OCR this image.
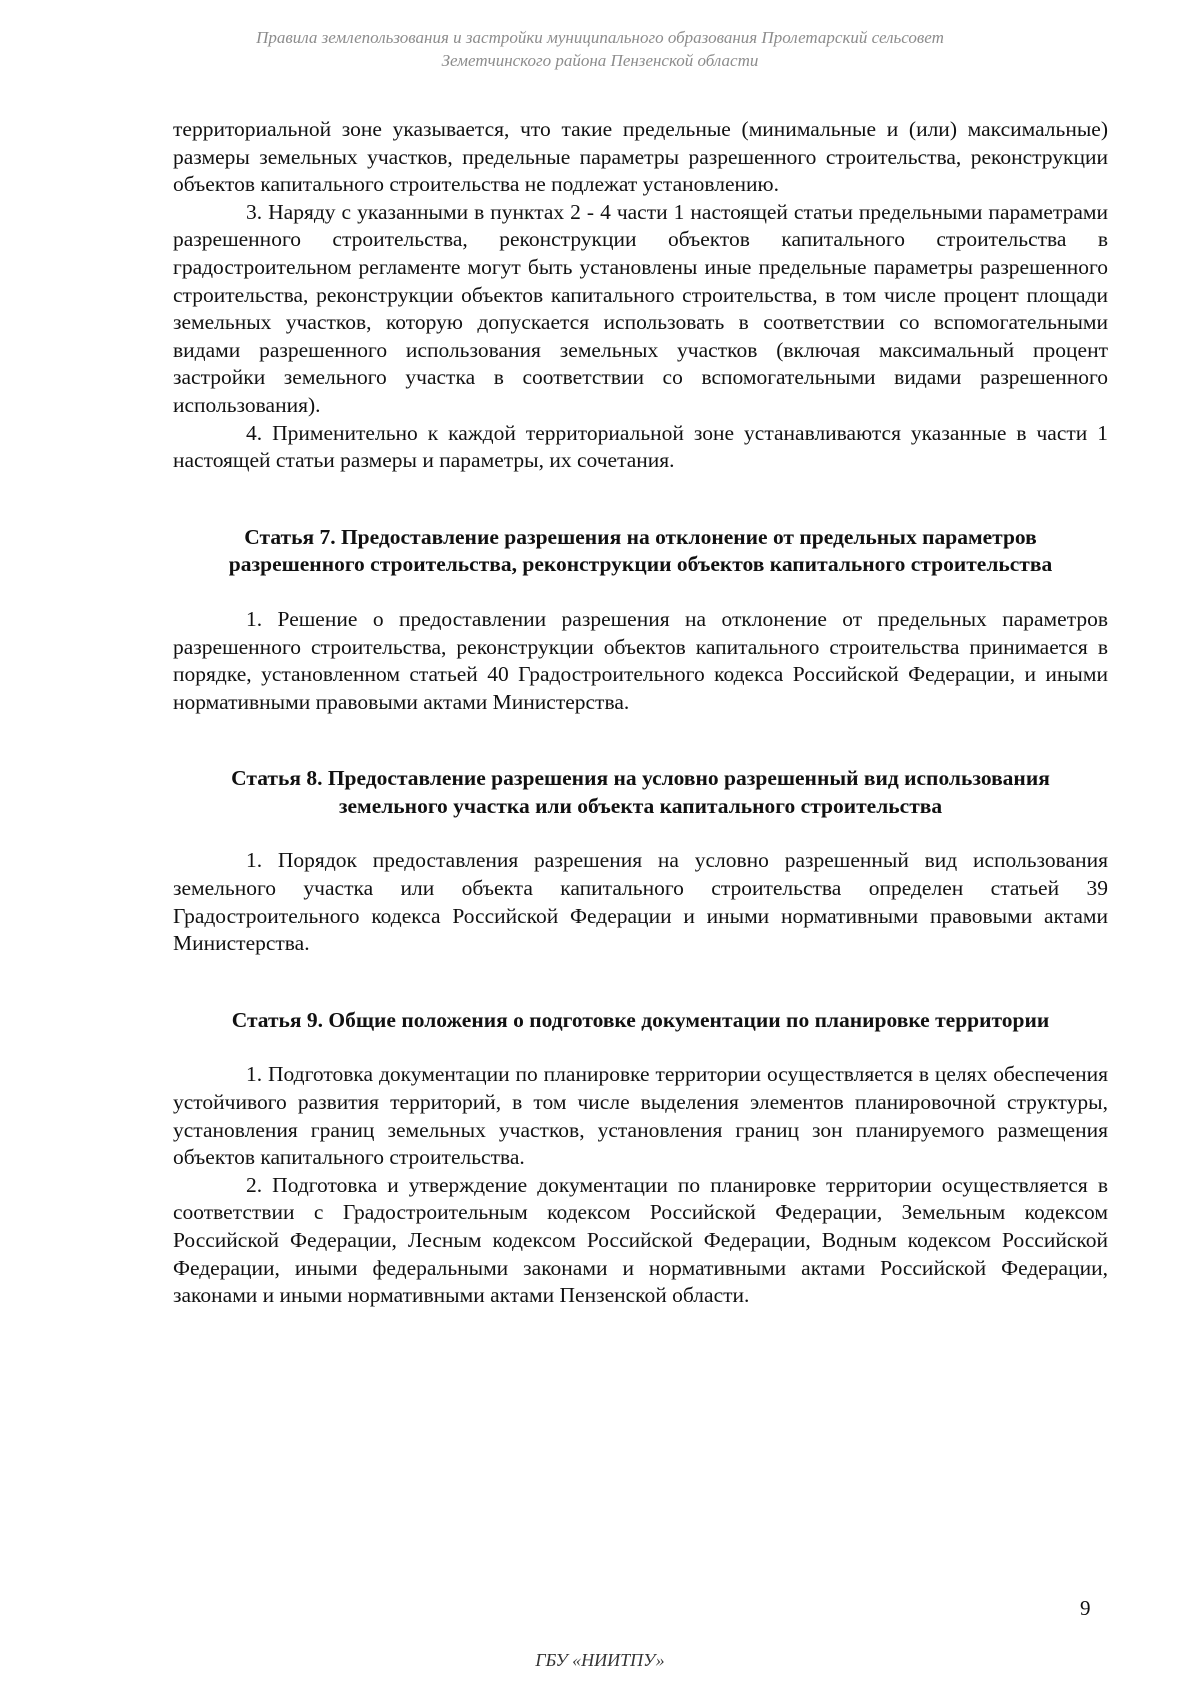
Правила землепользования и застройки муниципального образования Пролетарский сельсовет
Земетчинского района Пензенской области

территориальной зоне указывается, что такие предельные (минимальные и (или) максимальные) размеры земельных участков, предельные параметры разрешенного строительства, реконструкции объектов капитального строительства не подлежат установлению.

3. Наряду с указанными в пунктах 2 - 4 части 1 настоящей статьи предельными параметрами разрешенного строительства, реконструкции объектов капитального строительства в градостроительном регламенте могут быть установлены иные предельные параметры разрешенного строительства, реконструкции объектов капитального строительства, в том числе процент площади земельных участков, которую допускается использовать в соответствии со вспомогательными видами разрешенного использования земельных участков (включая максимальный процент застройки земельного участка в соответствии со вспомогательными видами разрешенного использования).

4. Применительно к каждой территориальной зоне устанавливаются указанные в части 1 настоящей статьи размеры и параметры, их сочетания.

Статья 7. Предоставление разрешения на отклонение от предельных параметров разрешенного строительства, реконструкции объектов капитального строительства

1. Решение о предоставлении разрешения на отклонение от предельных параметров разрешенного строительства, реконструкции объектов капитального строительства принимается в порядке, установленном статьей 40 Градостроительного кодекса Российской Федерации, и иными нормативными правовыми актами Министерства.

Статья 8. Предоставление разрешения на условно разрешенный вид использования земельного участка или объекта капитального строительства

1. Порядок предоставления разрешения на условно разрешенный вид использования земельного участка или объекта капитального строительства определен статьей 39 Градостроительного кодекса Российской Федерации и иными нормативными правовыми актами Министерства.

Статья 9. Общие положения о подготовке документации по планировке территории

1. Подготовка документации по планировке территории осуществляется в целях обеспечения устойчивого развития территорий, в том числе выделения элементов планировочной структуры, установления границ земельных участков, установления границ зон планируемого размещения объектов капитального строительства.

2. Подготовка и утверждение документации по планировке территории осуществляется в соответствии с Градостроительным кодексом Российской Федерации, Земельным кодексом Российской Федерации, Лесным кодексом Российской Федерации, Водным кодексом Российской Федерации, иными федеральными законами и нормативными актами Российской Федерации, законами и иными нормативными актами Пензенской области.

9
ГБУ «НИИТПУ»
